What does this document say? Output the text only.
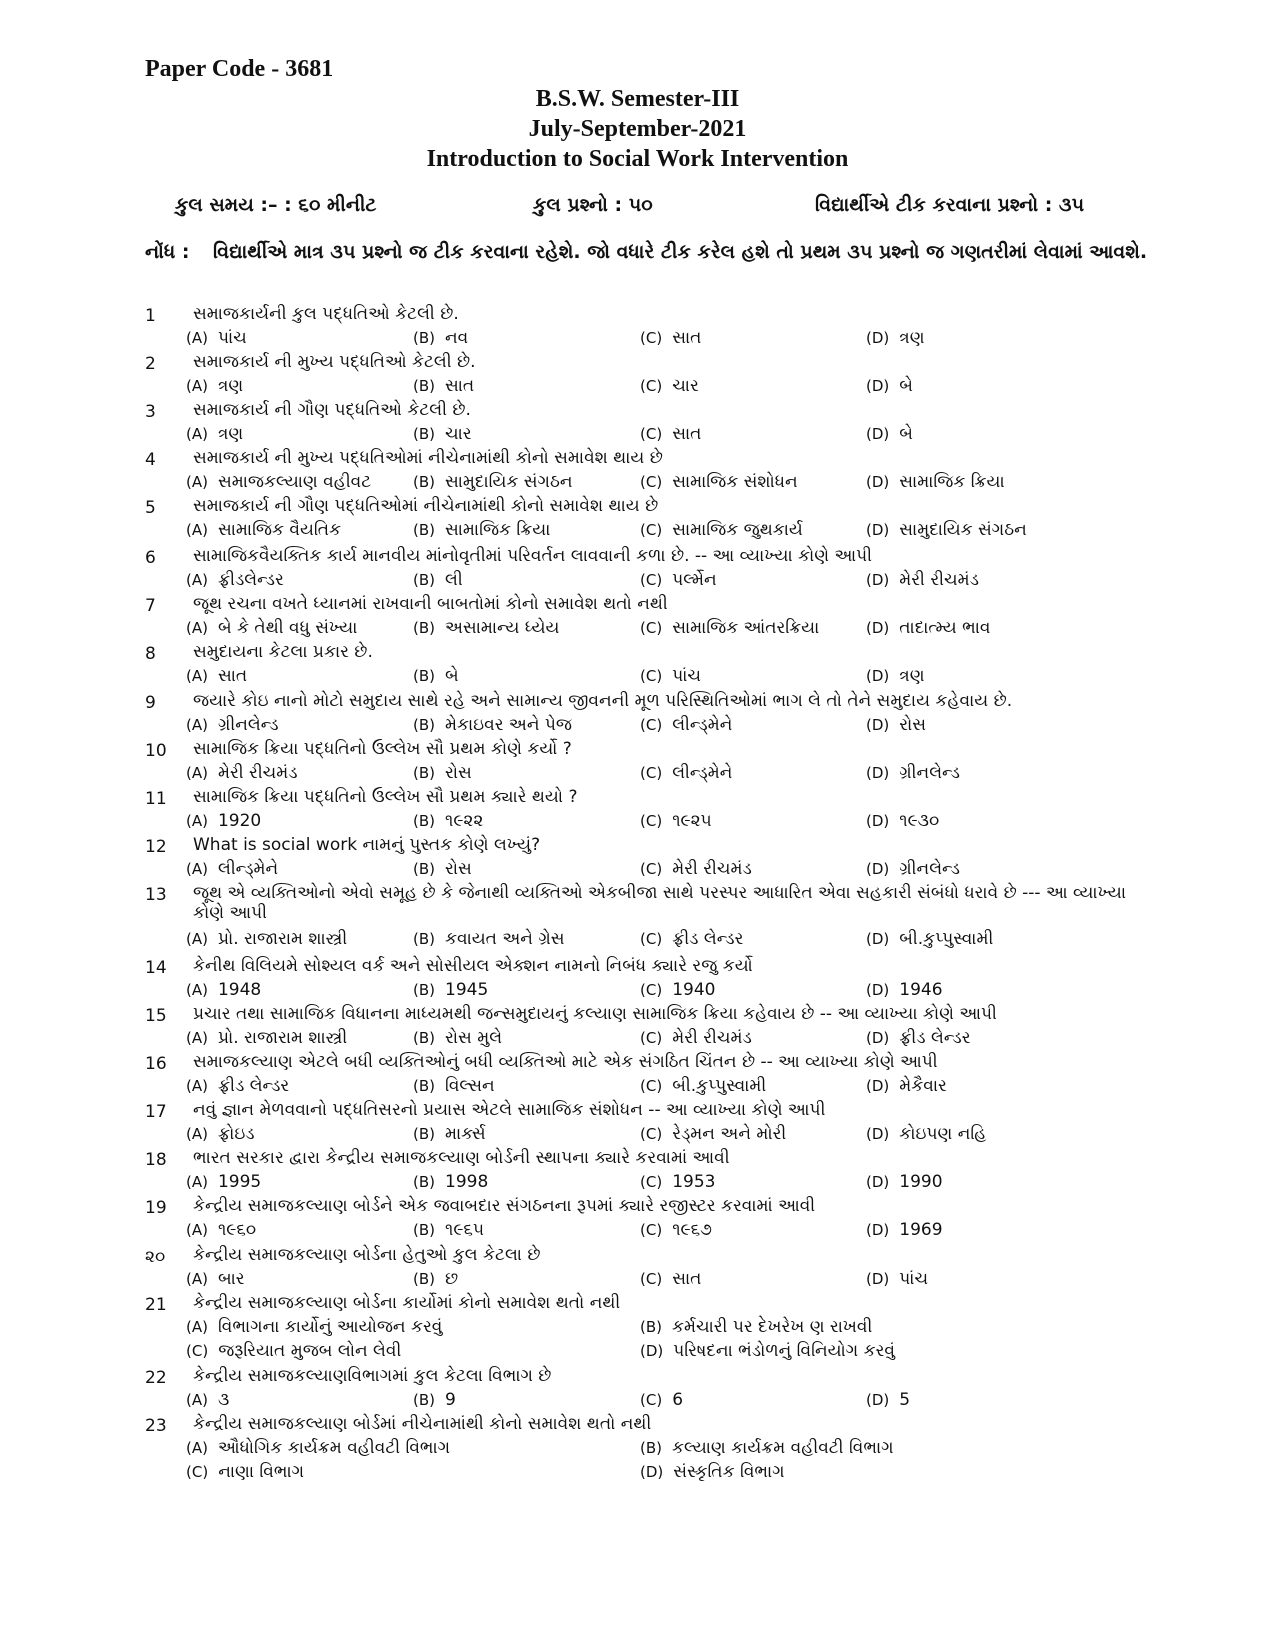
Paper Code - 3681
B.S.W. Semester-III
July-September-2021
Introduction to Social Work Intervention
કુલ સમય :– : ૬૦ મીનીટ	કુલ પ્રશ્નો : ૫૦	વિદ્યાર્થીએ ટીક કરવાના પ્રશ્નો : ૩૫
નોંધ : વિદ્યાર્થીએ માત્ર ૩૫ પ્રશ્નો જ ટીક કરવાના રહેશે. જો વધારે ટીક કરેલ હશે તો પ્રથમ ૩૫ પ્રશ્નો જ ગણતરીમાં લેવામાં આવશે.
1 સમાજકાર્યની કુલ પદ્ધતિઓ કેટલી છે.
(A) પાંચ	(B) નવ	(C) સાત	(D) ત્રણ
2 સમાજકાર્ય ની મુખ્ય પદ્ધતિઓ કેટલી છે.
(A) ત્રણ	(B) સાત	(C) ચાર	(D) બે
3 સમાજકાર્ય ની ગૌણ પદ્ધતિઓ કેટલી છે.
(A) ત્રણ	(B) ચાર	(C) સાત	(D) બે
4 સમાજકાર્ય ની મુખ્ય પદ્ધતિઓમાં નીચેનામાંથી કોનો સમાવેશ થાય છે
(A) સમાજકલ્યાણ વહીવટ	(B) સામુદાયિક સંગઠન	(C) સામાજિક સંશોધન	(D) સામાજિક ક્રિયા
5 સમાજકાર્ય ની ગૌણ પદ્ધતિઓમાં નીચેનામાંથી કોનો સમાવેશ થાય છે
(A) સામાજિક વૈયતિક	(B) સામાજિક ક્રિયા	(C) સામાજિક જુથકાર્ય	(D) સામુદાયિક સંગઠન
6 સામાજિકવૈયક્તિક કાર્ય માનવીય માંનોવૃતીમાં પરિવર્તન લાવવાની કળા છે. -- આ વ્યાખ્યા કોણે આપી
(A) ફ્રીડલેન્ડર	(B) લી	(C) પર્લ્મેન	(D) મેરી રીચમંડ
7 જૂથ રચના વખતે ધ્યાનમાં રાખવાની બાબતોમાં કોનો સમાવેશ થતો નથી
(A) બે કે તેથી વધુ સંખ્યા	(B) અસામાન્ય ધ્યેય	(C) સામાજિક આંતરક્રિયા	(D) તાદાત્મ્ય ભાવ
8 સમુદાયના કેટલા પ્રકાર છે.
(A) સાત	(B) બે	(C) પાંચ	(D) ત્રણ
9 જયારે કોઇ નાનો મોટો સમુદાય સાથે રહે અને સામાન્ય જીવનની મૂળ પરિસ્થિતિઓમાં ભાગ લે તો તેને સમુદાય કહેવાય છે.
(A) ગ્રીનલેન્ડ	(B) મેકાઇવર અને પેજ	(C) લીન્ડ્મેને	(D) રોસ
10 સામાજિક ક્રિયા પદ્ધતિનો ઉલ્લેખ સૌ પ્રથમ કોણે કર્યો ?
(A) મેરી રીચમંડ	(B) રોસ	(C) લીન્ડ્મેને	(D) ગ્રીનલેન્ડ
11 સામાજિક ક્રિયા પદ્ધતિનો ઉલ્લેખ સૌ પ્રથમ ક્યારે થયો ?
(A) 1920	(B) ૧૯૨૨	(C) ૧૯૨૫	(D) ૧૯૩૦
12 What is social work નામનું પુસ્તક કોણે લખ્યું?
(A) લીન્ડ્મેને	(B) રોસ	(C) મેરી રીચમંડ	(D) ગ્રીનલેન્ડ
13 જૂથ એ વ્યક્તિઓનો એવો સમૂહ છે કે જેનાથી વ્યક્તિઓ એકબીજા સાથે પરસ્પર આધારિત એવા સહકારી સંબંધો ધરાવે છે --- આ વ્યાખ્યા કોણે આપી
(A) પ્રો. રાજારામ શાસ્ત્રી	(B) કવાયત અને ગ્રેસ	(C) ફ્રીડ લેન્ડર	(D) બી.કુપ્પુસ્વામી
14 કેનીથ વિલિયમે સોશ્યલ વર્ક અને સોસીયલ એક્શન નામનો નિબંધ ક્યારે રજુ કર્યો
(A) 1948	(B) 1945	(C) 1940	(D) 1946
15 પ્રચાર તથા સામાજિક વિધાનના માધ્યમથી જન્સમુદાયનું કલ્યાણ સામાજિક ક્રિયા કહેવાય છે -- આ વ્યાખ્યા કોણે આપી
(A) પ્રો. રાજારામ શાસ્ત્રી	(B) રોસ મુલે	(C) મેરી રીચમંડ	(D) ફ્રીડ લેન્ડર
16 સમાજકલ્યાણ એટલે બધી વ્યક્તિઓનું બધી વ્યક્તિઓ માટે એક સંગઠિત ચિંતન છે -- આ વ્યાખ્યા કોણે આપી
(A) ફ્રીડ લેન્ડર	(B) વિલ્સન	(C) બી.કુપ્પુસ્વામી	(D) મેકૈવાર
17 નવું જ્ઞાન મેળવવાનો પદ્ધતિસરનો પ્રયાસ એટલે સામાજિક સંશોધન -- આ વ્યાખ્યા કોણે આપી
(A) ફ્રોઇડ	(B) માર્ક્સ	(C) રેડ્મન અને મોરી	(D) કોઇપણ નહિ
18 ભારત સરકાર દ્વારા કેન્દ્રીય સમાજકલ્યાણ બોર્ડની સ્થાપના ક્યારે કરવામાં આવી
(A) 1995	(B) 1998	(C) 1953	(D) 1990
19 કેન્દ્રીય સમાજકલ્યાણ બોર્ડને એક જવાબદાર સંગઠનના રૂપમાં ક્યારે રજીસ્ટર કરવામાં આવી
(A) ૧૯૬૦	(B) ૧૯૬૫	(C) ૧૯૬૭	(D) 1969
૨૦ કેન્દ્રીય સમાજકલ્યાણ બોર્ડના હેતુઓ કુલ કેટલા છે
(A) બાર	(B) છ	(C) સાત	(D) પાંચ
21 કેન્દ્રીય સમાજકલ્યાણ બોર્ડના કાર્યોમાં કોનો સમાવેશ થતો નથી
(A) વિભાગના કાર્યોનું આયોજન કરવું	(B) કર્મચારી પર દેખરેખ ણ રાખવી
(C) જરૂરિયાત મુજબ લોન લેવી	(D) પરિષદના ભંડોળનું વિનિયોગ કરવું
22 કેન્દ્રીય સમાજકલ્યાણવિભાગમાં કુલ કેટલા વિભાગ છે
(A) ૩	(B) 9	(C) 6	(D) 5
23 કેન્દ્રીય સમાજકલ્યાણ બોર્ડમાં નીચેનામાંથી કોનો સમાવેશ થતો નથી
(A) ઔધોગિક કાર્યક્રમ વહીવટી વિભાગ	(B) કલ્યાણ કાર્યક્રમ વહીવટી વિભાગ
(C) નાણા વિભાગ	(D) સંસ્કૃતિક વિભાગ
